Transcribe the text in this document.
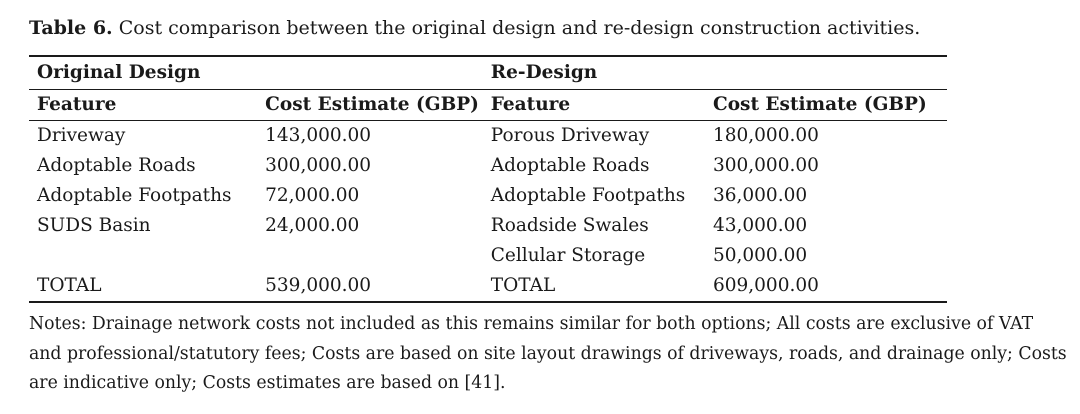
Table 6. Cost comparison between the original design and re-design construction activities.
Original Design		Re-Design	
Feature	Cost Estimate (GBP)	Feature	Cost Estimate (GBP)
Driveway	143,000.00	Porous Driveway	180,000.00
Adoptable Roads	300,000.00	Adoptable Roads	300,000.00
Adoptable Footpaths	72,000.00	Adoptable Footpaths	36,000.00
SUDS Basin	24,000.00	Roadside Swales	43,000.00
		Cellular Storage	50,000.00
TOTAL	539,000.00	TOTAL	609,000.00
Notes: Drainage network costs not included as this remains similar for both options; All costs are exclusive of VAT and professional/statutory fees; Costs are based on site layout drawings of driveways, roads, and drainage only; Costs are indicative only; Costs estimates are based on [41].
